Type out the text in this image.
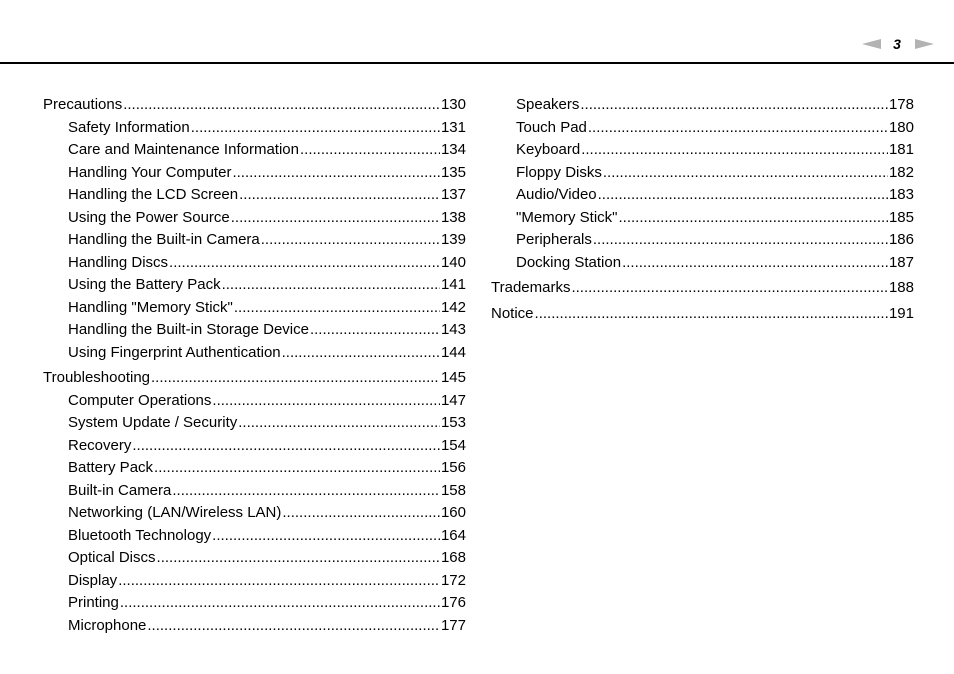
3
Precautions .....	130
Safety Information .....	131
Care and Maintenance Information .....	134
Handling Your Computer .....	135
Handling the LCD Screen .....	137
Using the Power Source .....	138
Handling the Built-in Camera .....	139
Handling Discs .....	140
Using the Battery Pack .....	141
Handling "Memory Stick" .....	142
Handling the Built-in Storage Device .....	143
Using Fingerprint Authentication .....	144
Troubleshooting .....	145
Computer Operations .....	147
System Update / Security .....	153
Recovery .....	154
Battery Pack .....	156
Built-in Camera .....	158
Networking (LAN/Wireless LAN) .....	160
Bluetooth Technology .....	164
Optical Discs .....	168
Display .....	172
Printing .....	176
Microphone .....	177
Speakers .....	178
Touch Pad .....	180
Keyboard .....	181
Floppy Disks .....	182
Audio/Video .....	183
"Memory Stick" .....	185
Peripherals .....	186
Docking Station .....	187
Trademarks .....	188
Notice .....	191
